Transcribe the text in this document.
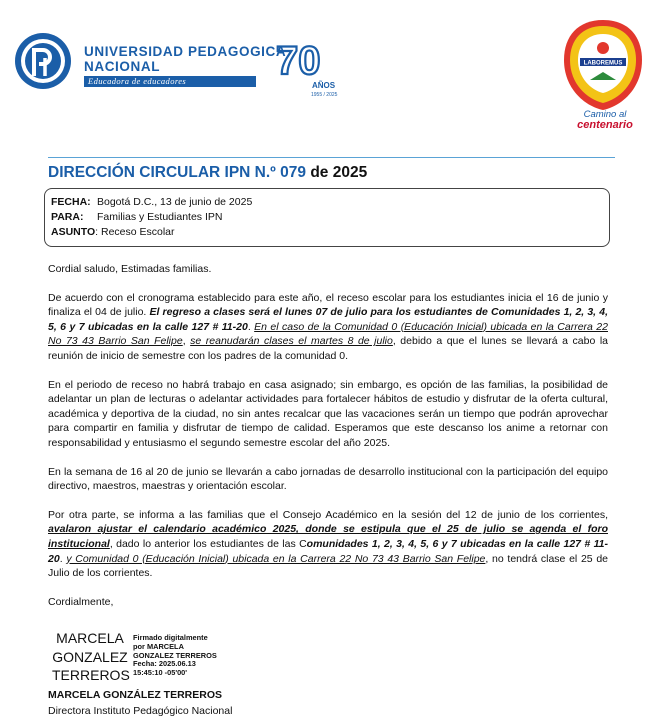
UNIVERSIDAD PEDAGOGICA
NACIONAL
Educadora de educadores	70
AÑOS
1955 / 2025
LABOREMUS
Camino al
centenario
DIRECCIÓN CIRCULAR IPN N.º 079 de 2025
FECHA: Bogotá D.C., 13 de junio de 2025
PARA: Familias y Estudiantes IPN
ASUNTO: Receso Escolar

Cordial saludo, Estimadas familias.

De acuerdo con el cronograma establecido para este año, el receso escolar para los estudiantes inicia el 16 de junio y finaliza el 04 de julio. El regreso a clases será el lunes 07 de julio para los estudiantes de Comunidades 1, 2, 3, 4, 5, 6 y 7 ubicadas en la calle 127 # 11-20. En el caso de la Comunidad 0 (Educación Inicial) ubicada en la Carrera 22 No 73 43 Barrio San Felipe, se reanudarán clases el martes 8 de julio, debido a que el lunes se llevará a cabo la reunión de inicio de semestre con los padres de la comunidad 0.

En el periodo de receso no habrá trabajo en casa asignado; sin embargo, es opción de las familias, la posibilidad de adelantar un plan de lecturas o adelantar actividades para fortalecer hábitos de estudio y disfrutar de la oferta cultural, académica y deportiva de la ciudad, no sin antes recalcar que las vacaciones serán un tiempo que podrán aprovechar para compartir en familia y disfrutar de tiempo de calidad. Esperamos que este descanso los anime a retornar con responsabilidad y entusiasmo el segundo semestre escolar del año 2025.

En la semana de 16 al 20 de junio se llevarán a cabo jornadas de desarrollo institucional con la participación del equipo directivo, maestros, maestras y orientación escolar.

Por otra parte, se informa a las familias que el Consejo Académico en la sesión del 12 de junio de los corrientes, avalaron ajustar el calendario académico 2025, donde se estipula que el 25 de julio se agenda el foro institucional, dado lo anterior los estudiantes de las Comunidades 1, 2, 3, 4, 5, 6 y 7 ubicadas en la calle 127 # 11-20. y Comunidad 0 (Educación Inicial) ubicada en la Carrera 22 No 73 43 Barrio San Felipe, no tendrá clase el 25 de Julio de los corrientes.

Cordialmente,

MARCELA
GONZALEZ
TERREROS
Firmado digitalmente
por MARCELA
GONZALEZ TERREROS
Fecha: 2025.06.13
15:45:10 -05'00'
MARCELA GONZÁLEZ TERREROS
Directora Instituto Pedagógico Nacional
